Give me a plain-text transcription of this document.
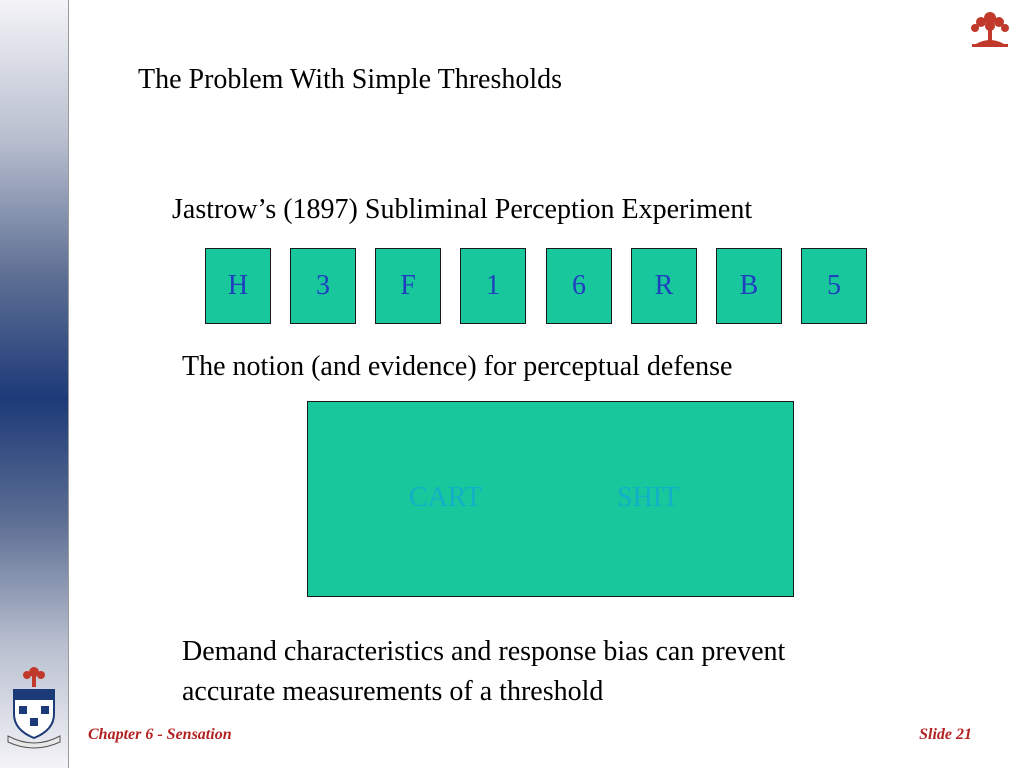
The Problem With Simple Thresholds
Jastrow’s (1897) Subliminal Perception Experiment
H	3	F	1	6	R	B	5
The notion (and evidence) for perceptual defense
CART	SHIT
Demand characteristics and response bias can prevent
accurate measurements of a threshold
Chapter 6 - Sensation	Slide 21
